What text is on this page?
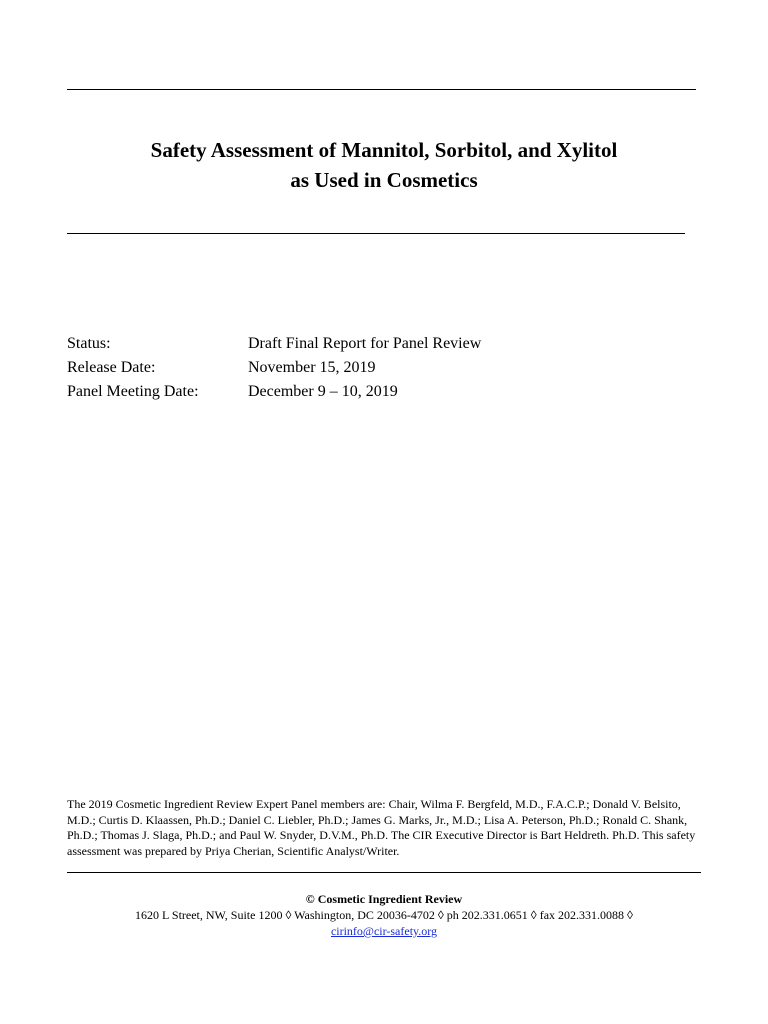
Safety Assessment of Mannitol, Sorbitol, and Xylitol
as Used in Cosmetics
Status:	Draft Final Report for Panel Review
Release Date:	November 15, 2019
Panel Meeting Date:	December 9 – 10, 2019
The 2019 Cosmetic Ingredient Review Expert Panel members are: Chair, Wilma F. Bergfeld, M.D., F.A.C.P.; Donald V. Belsito, M.D.; Curtis D. Klaassen, Ph.D.; Daniel C. Liebler, Ph.D.; James G. Marks, Jr., M.D.; Lisa A. Peterson, Ph.D.; Ronald C. Shank, Ph.D.; Thomas J. Slaga, Ph.D.; and Paul W. Snyder, D.V.M., Ph.D. The CIR Executive Director is Bart Heldreth. Ph.D. This safety assessment was prepared by Priya Cherian, Scientific Analyst/Writer.
© Cosmetic Ingredient Review
1620 L Street, NW, Suite 1200 ◊ Washington, DC 20036-4702 ◊ ph 202.331.0651 ◊ fax 202.331.0088 ◊
cirinfo@cir-safety.org
